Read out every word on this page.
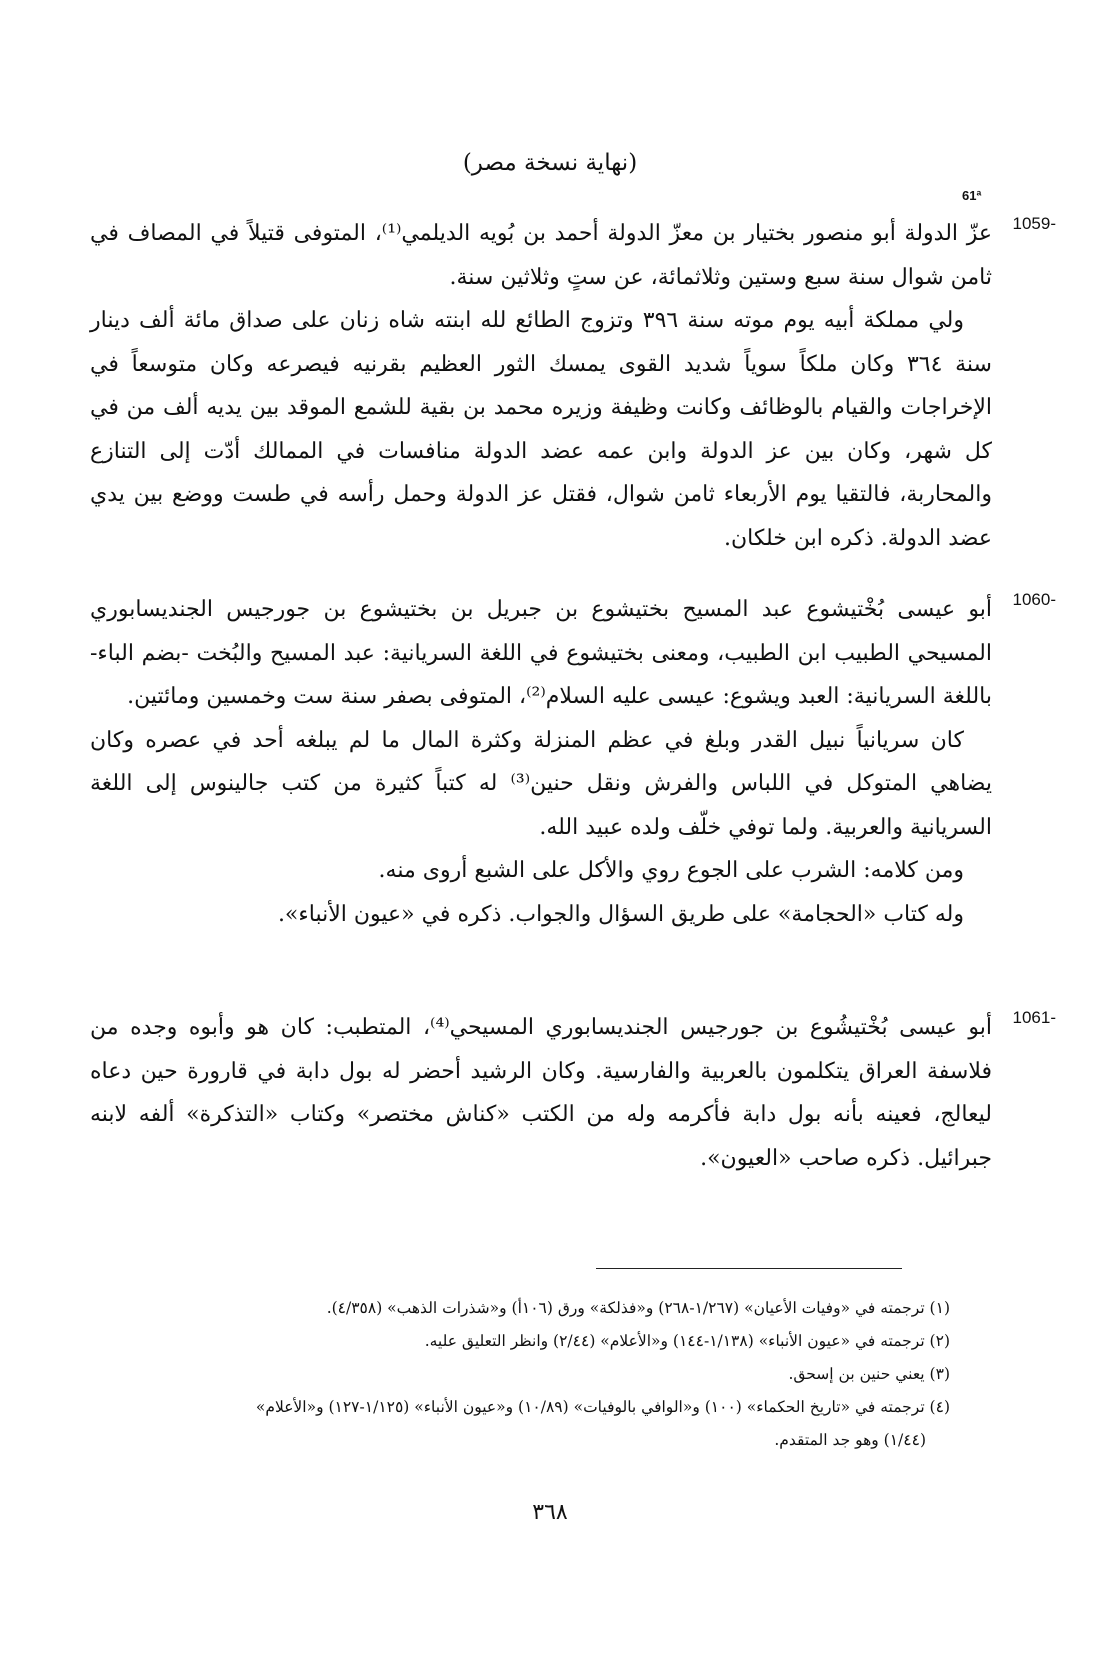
(نهاية نسخة مصر)
61ª
1059-

عزّ الدولة أبو منصور بختيار بن معزّ الدولة أحمد بن بُويه الديلمي⁽¹⁾، المتوفى قتيلاً في المصاف في ثامن شوال سنة سبع وستين وثلاثمائة، عن ستٍ وثلاثين سنة.

ولي مملكة أبيه يوم موته سنة ٣٩٦ وتزوج الطائع لله ابنته شاه زنان على صداق مائة ألف دينار سنة ٣٦٤ وكان ملكاً سوياً شديد القوى يمسك الثور العظيم بقرنيه فيصرعه وكان متوسعاً في الإخراجات والقيام بالوظائف وكانت وظيفة وزيره محمد بن بقية للشمع الموقد بين يديه ألف من في كل شهر، وكان بين عز الدولة وابن عمه عضد الدولة منافسات في الممالك أدّت إلى التنازع والمحاربة، فالتقيا يوم الأربعاء ثامن شوال، فقتل عز الدولة وحمل رأسه في طست ووضع بين يدي عضد الدولة. ذكره ابن خلكان.

1060-

أبو عيسى بُخْتيشوع عبد المسيح بختيشوع بن جبريل بن بختيشوع بن جورجيس الجنديسابوري المسيحي الطبيب ابن الطبيب، ومعنى بختيشوع في اللغة السريانية: عبد المسيح والبُخت -بضم الباء- باللغة السريانية: العبد ويشوع: عيسى عليه السلام⁽²⁾، المتوفى بصفر سنة ست وخمسين ومائتين.

كان سريانياً نبيل القدر وبلغ في عظم المنزلة وكثرة المال ما لم يبلغه أحد في عصره وكان يضاهي المتوكل في اللباس والفرش ونقل حنين⁽³⁾ له كتباً كثيرة من كتب جالينوس إلى اللغة السريانية والعربية. ولما توفي خلّف ولده عبيد الله.

ومن كلامه: الشرب على الجوع روي والأكل على الشبع أروى منه.

وله كتاب «الحجامة» على طريق السؤال والجواب. ذكره في «عيون الأنباء».

1061-

أبو عيسى بُخْتيشُوع بن جورجيس الجنديسابوري المسيحي⁽⁴⁾، المتطبب: كان هو وأبوه وجده من فلاسفة العراق يتكلمون بالعربية والفارسية. وكان الرشيد أحضر له بول دابة في قارورة حين دعاه ليعالج، فعينه بأنه بول دابة فأكرمه وله من الكتب «كناش مختصر» وكتاب «التذكرة» ألفه لابنه جبرائيل. ذكره صاحب «العيون».

(١) ترجمته في «وفيات الأعيان» (١/٢٦٧-٢٦٨) و«فذلكة» ورق (١٠٦أ) و«شذرات الذهب» (٤/٣٥٨).

(٢) ترجمته في «عيون الأنباء» (١/١٣٨-١٤٤) و«الأعلام» (٢/٤٤) وانظر التعليق عليه.

(٣) يعني حنين بن إسحق.

(٤) ترجمته في «تاريخ الحكماء» (١٠٠) و«الوافي بالوفيات» (١٠/٨٩) و«عيون الأنباء» (١/١٢٥-١٢٧) و«الأعلام»

(١/٤٤) وهو جد المتقدم.

٣٦٨
